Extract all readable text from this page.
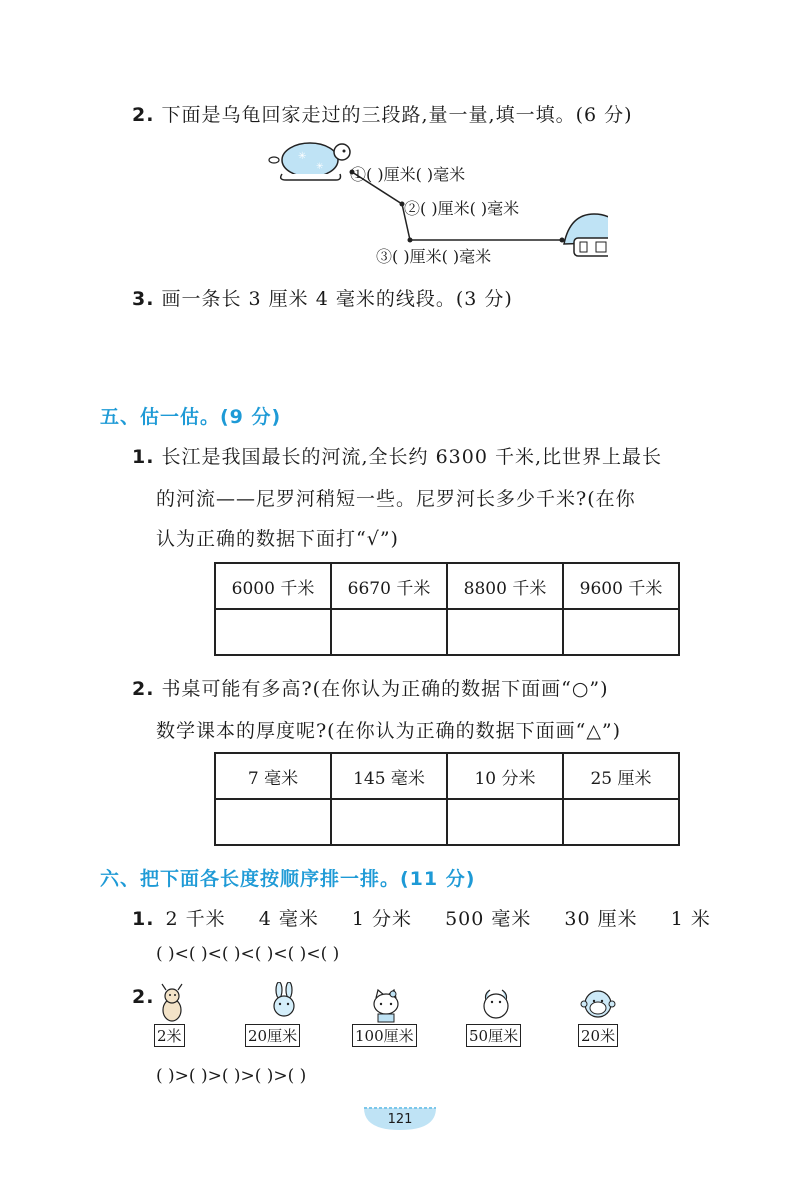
2. 下面是乌龟回家走过的三段路,量一量,填一填。(6 分)
✳
✳ ①( )厘米( )毫米
②( )厘米( )毫米
③( )厘米( )毫米
3. 画一条长 3 厘米 4 毫米的线段。(3 分)
五、估一估。(9 分)
1. 长江是我国最长的河流,全长约 6300 千米,比世界上最长
的河流——尼罗河稍短一些。尼罗河长多少千米?(在你
认为正确的数据下面打“√”)
6000 千米	6670 千米	8800 千米	9600 千米

2. 书桌可能有多高?(在你认为正确的数据下面画“○”)
数学课本的厚度呢?(在你认为正确的数据下面画“△”)
7 毫米	145 毫米	10 分米	25 厘米

六、把下面各长度按顺序排一排。(11 分)
1. 2 千米 4 毫米 1 分米 500 毫米 30 厘米 1 米
( )<( )<( )<( )<( )<( )
2.
2米	20厘米	100厘米	50厘米	20米
( )>( )>( )>( )>( )
121
